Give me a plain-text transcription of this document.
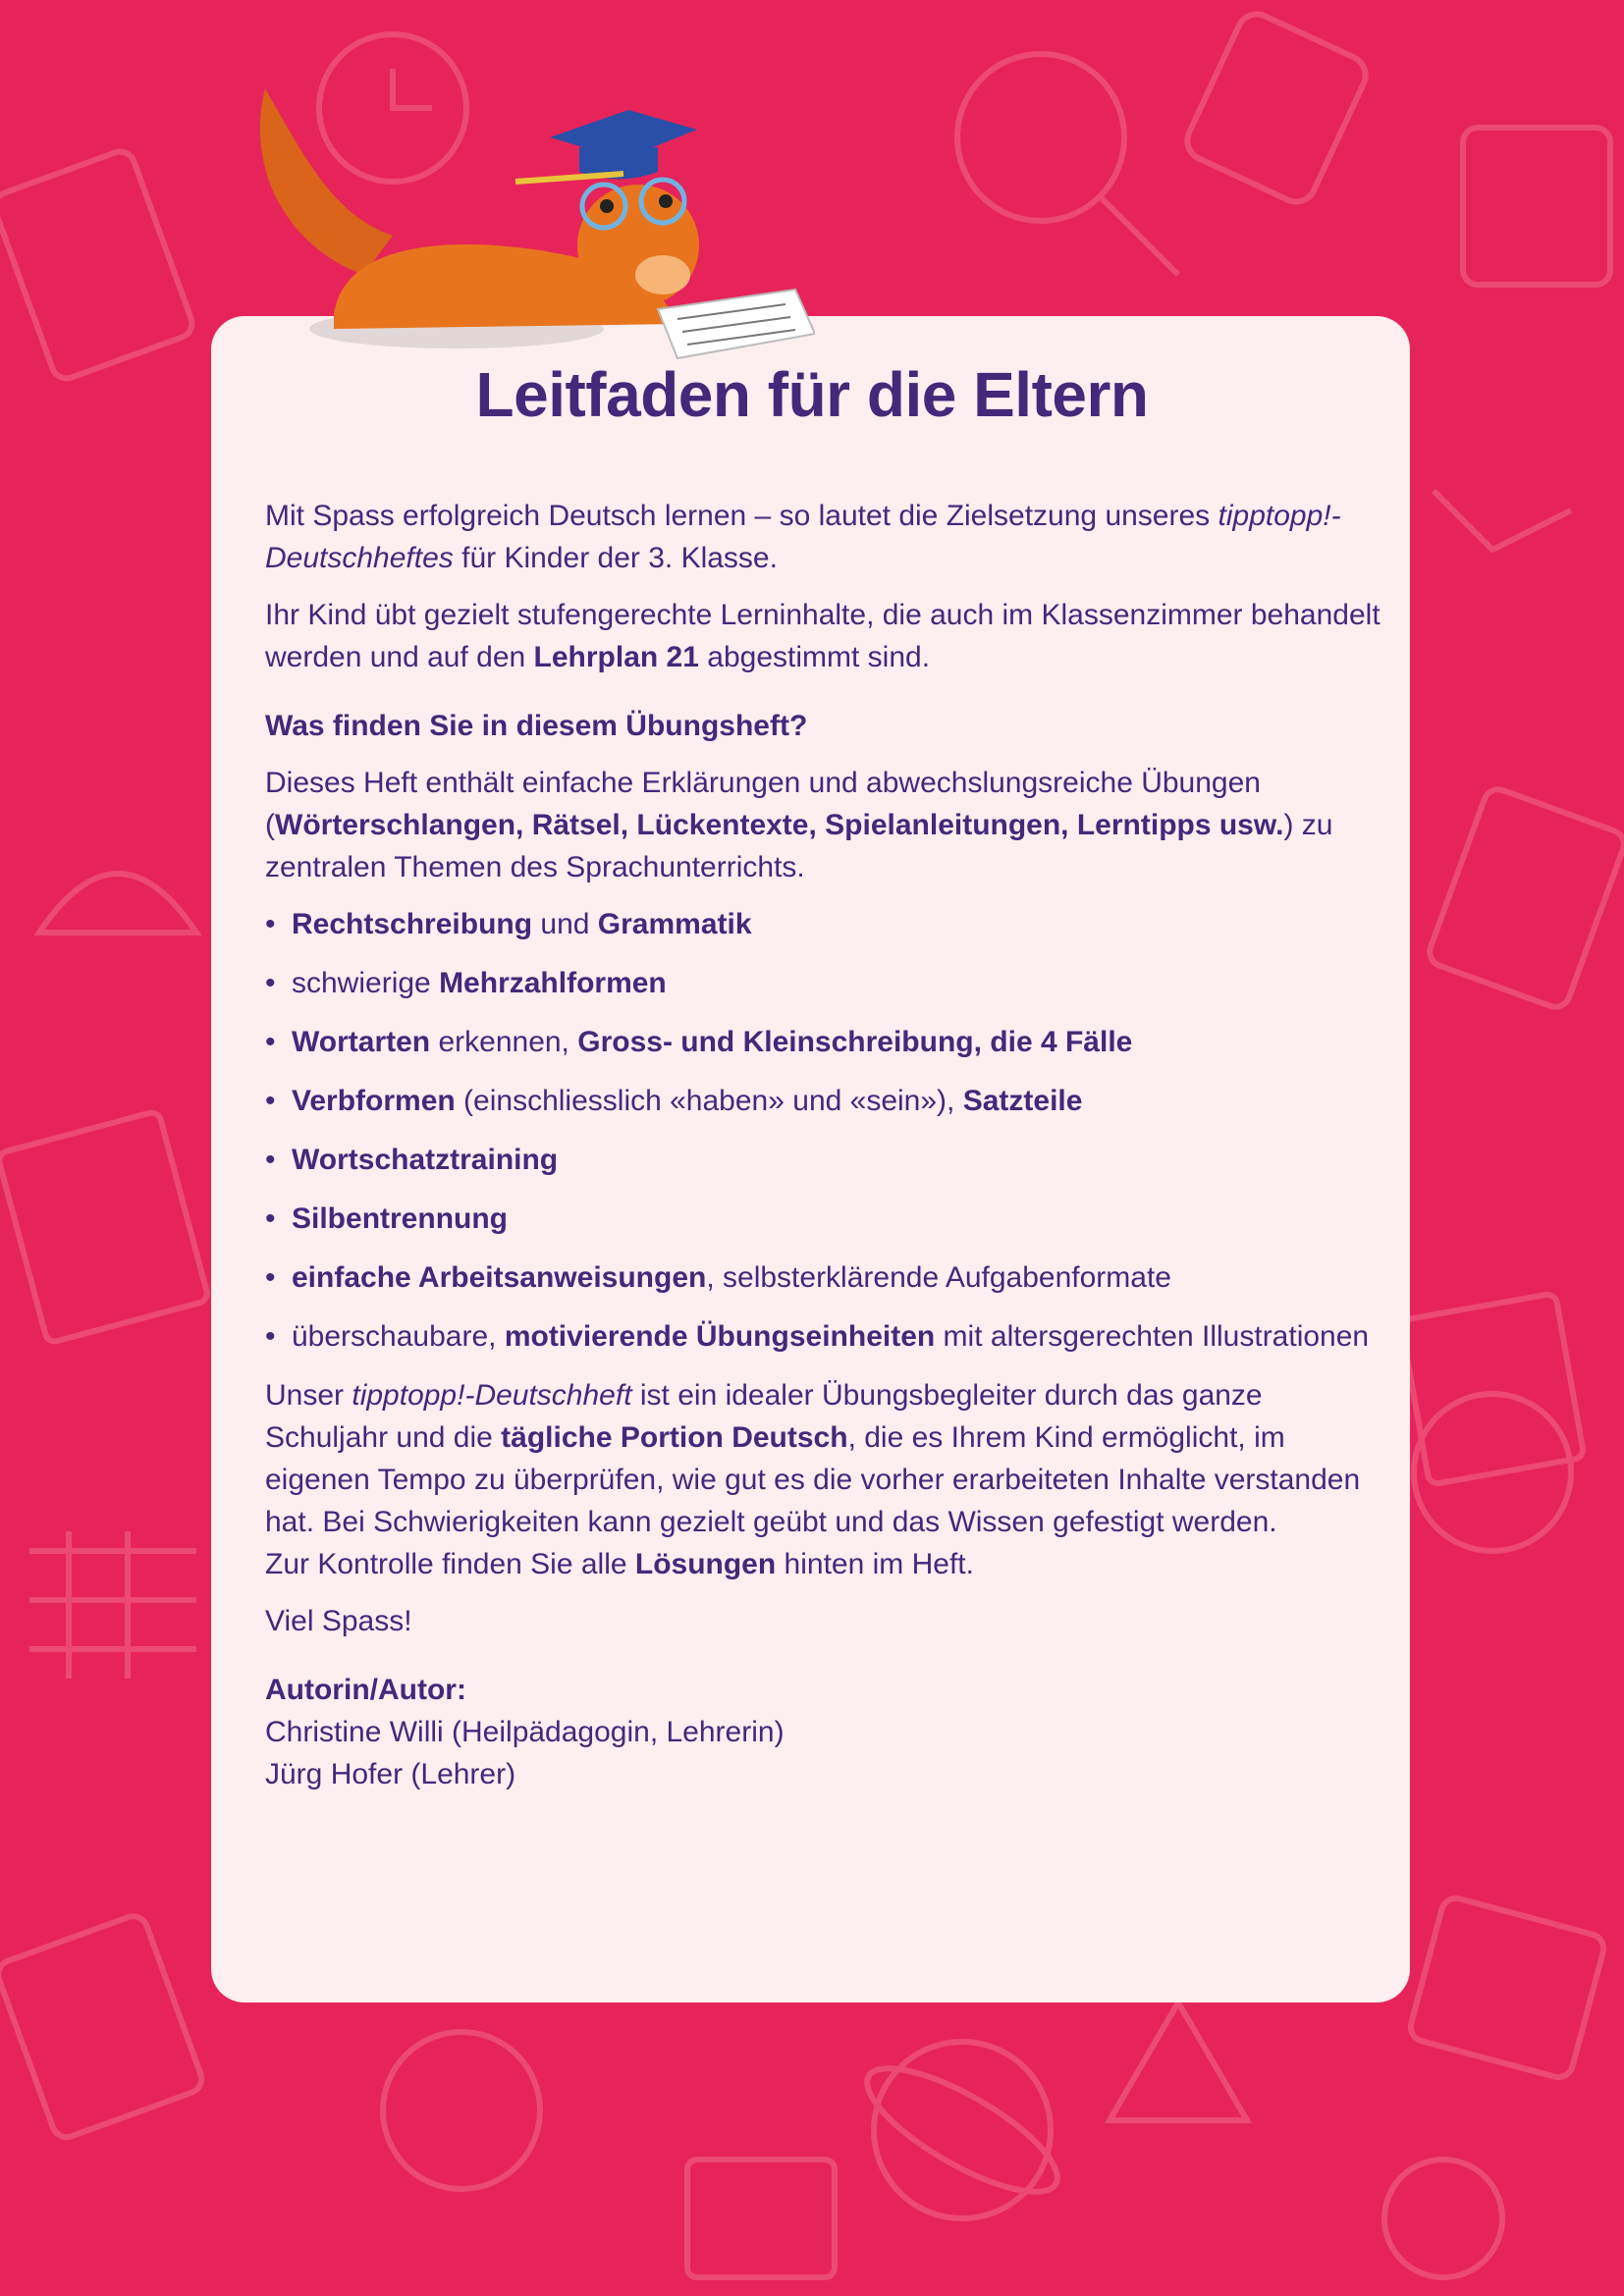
Leitfaden für die Eltern

Mit Spass erfolgreich Deutsch lernen – so lautet die Zielsetzung unseres tipptopp!-Deutschheftes für Kinder der 3. Klasse.

Ihr Kind übt gezielt stufengerechte Lerninhalte, die auch im Klassenzimmer behandelt werden und auf den Lehrplan 21 abgestimmt sind.

Was finden Sie in diesem Übungsheft?

Dieses Heft enthält einfache Erklärungen und abwechslungsreiche Übungen (Wörterschlangen, Rätsel, Lückentexte, Spielanleitungen, Lerntipps usw.) zu zentralen Themen des Sprachunterrichts.

• Rechtschreibung und Grammatik
• schwierige Mehrzahlformen
• Wortarten erkennen, Gross- und Kleinschreibung, die 4 Fälle
• Verbformen (einschliesslich «haben» und «sein»), Satzteile
• Wortschatztraining
• Silbentrennung
• einfache Arbeitsanweisungen, selbsterklärende Aufgabenformate
• überschaubare, motivierende Übungseinheiten mit altersgerechten Illustrationen

Unser tipptopp!-Deutschheft ist ein idealer Übungsbegleiter durch das ganze Schuljahr und die tägliche Portion Deutsch, die es Ihrem Kind ermöglicht, im eigenen Tempo zu überprüfen, wie gut es die vorher erarbeiteten Inhalte verstanden hat. Bei Schwierigkeiten kann gezielt geübt und das Wissen gefestigt werden.

Zur Kontrolle finden Sie alle Lösungen hinten im Heft.

Viel Spass!

Autorin/Autor:
Christine Willi (Heilpädagogin, Lehrerin)
Jürg Hofer (Lehrer)
